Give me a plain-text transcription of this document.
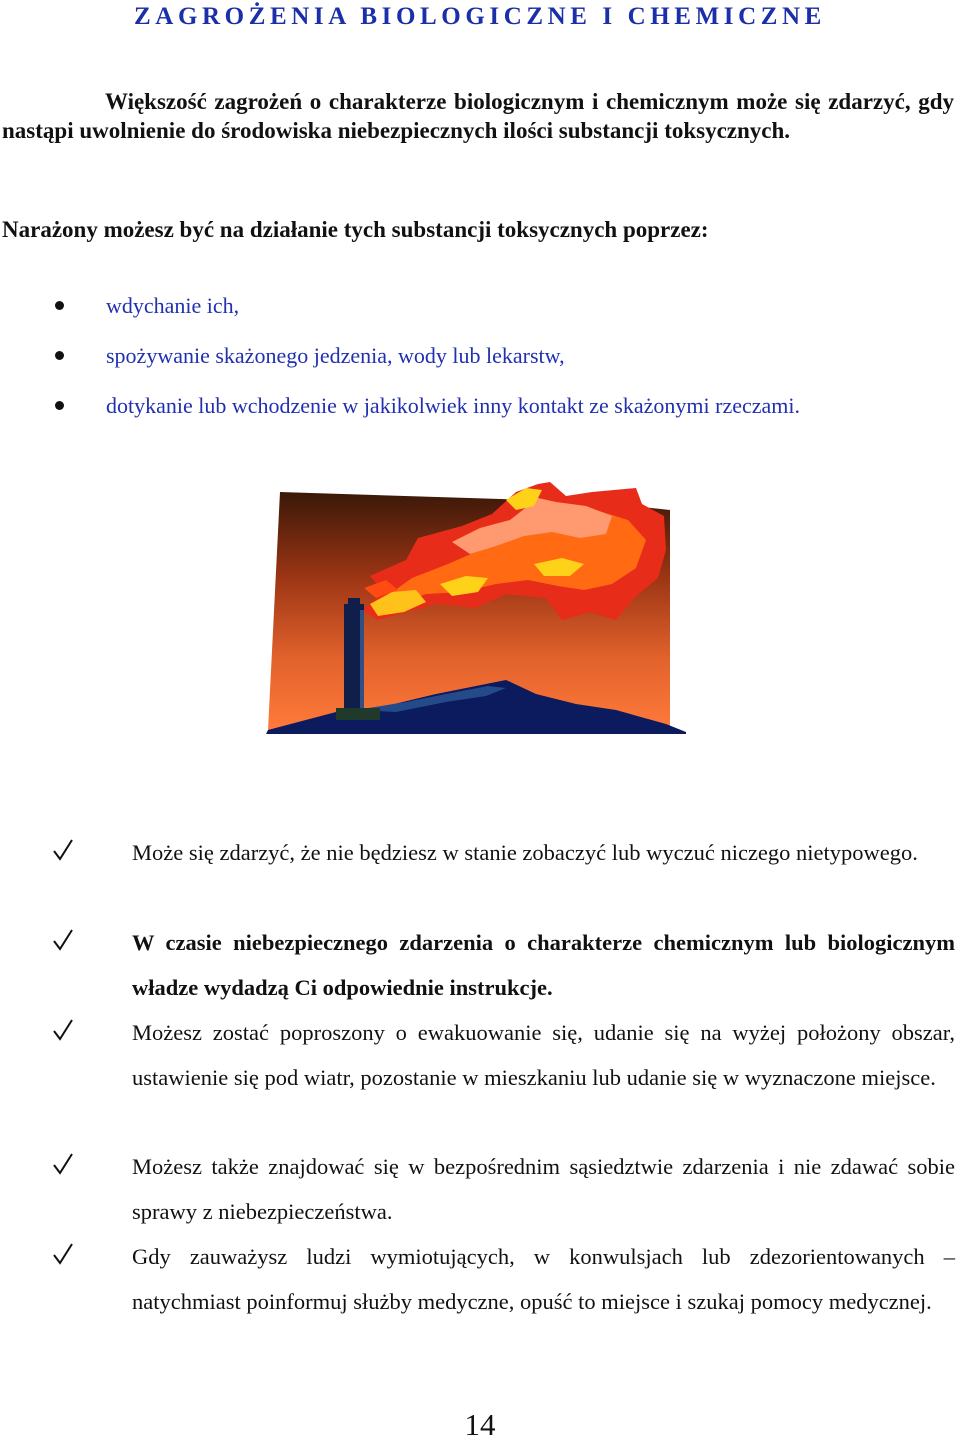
ZAGROŻENIA BIOLOGICZNE I CHEMICZNE

Większość zagrożeń o charakterze biologicznym i chemicznym może się zdarzyć, gdy nastąpi uwolnienie do środowiska niebezpiecznych ilości substancji toksycznych.

Narażony możesz być na działanie tych substancji toksycznych poprzez:

wdychanie ich,
spożywanie skażonego jedzenia, wody lub lekarstw,
dotykanie lub wchodzenie w jakikolwiek inny kontakt ze skażonymi rzeczami.
Może się zdarzyć, że nie będziesz w stanie zobaczyć lub wyczuć niczego nietypowego.
W czasie niebezpiecznego zdarzenia o charakterze chemicznym lub biologicznym władze wydadzą Ci odpowiednie instrukcje.
Możesz zostać poproszony o ewakuowanie się, udanie się na wyżej położony obszar, ustawienie się pod wiatr, pozostanie w mieszkaniu lub udanie się w wyznaczone miejsce.
Możesz także znajdować się w bezpośrednim sąsiedztwie zdarzenia i nie zdawać sobie sprawy z niebezpieczeństwa.
Gdy zauważysz ludzi wymiotujących, w konwulsjach lub zdezorientowanych – natychmiast poinformuj służby medyczne, opuść to miejsce i szukaj pomocy medycznej.
14
